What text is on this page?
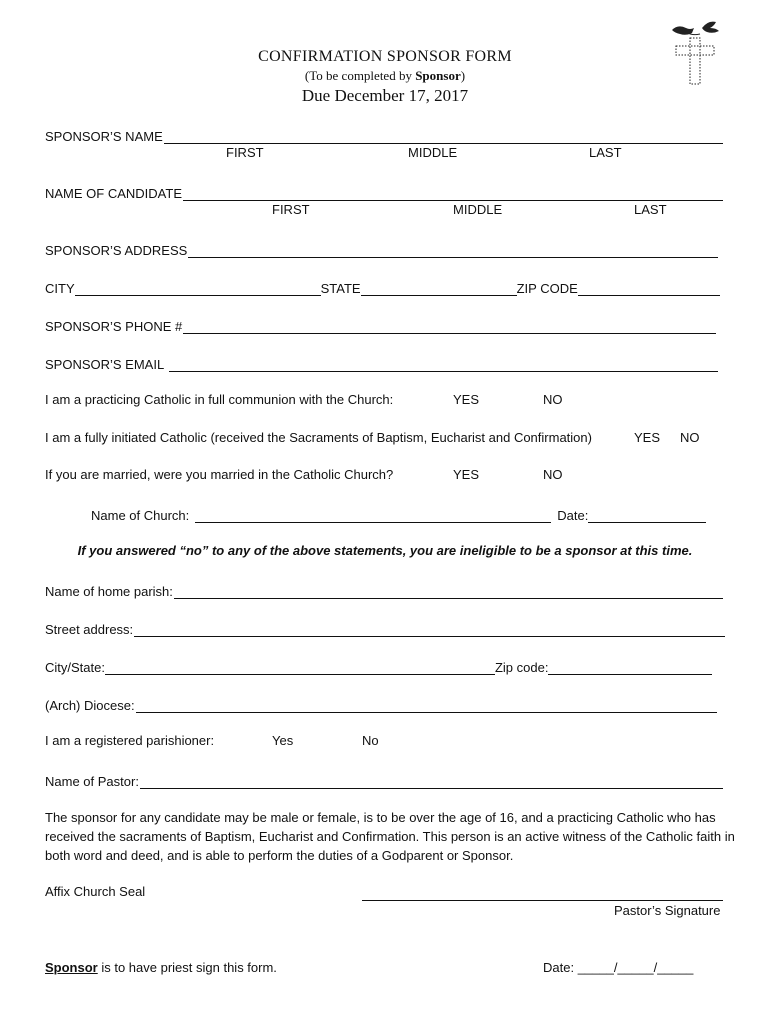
CONFIRMATION SPONSOR FORM
(To be completed by Sponsor)
Due December 17, 2017
SPONSOR’S NAME
FIRST	MIDDLE	LAST
NAME OF CANDIDATE
FIRST	MIDDLE	LAST
SPONSOR’S ADDRESS
CITY	STATE	ZIP CODE
SPONSOR’S PHONE #
SPONSOR’S EMAIL
I am a practicing Catholic in full communion with the Church:	YES	NO
I am a fully initiated Catholic (received the Sacraments of Baptism, Eucharist and Confirmation)	YES NO
If you are married, were you married in the Catholic Church?	YES	NO
Name of Church:	Date:
If you answered “no” to any of the above statements, you are ineligible to be a sponsor at this time.
Name of home parish:
Street address:
City/State:	Zip code:
(Arch) Diocese:
I am a registered parishioner:	Yes	No
Name of Pastor:
The sponsor for any candidate may be male or female, is to be over the age of 16, and a practicing Catholic who has received the sacraments of Baptism, Eucharist and Confirmation. This person is an active witness of the Catholic faith in both word and deed, and is able to perform the duties of a Godparent or Sponsor.
Affix Church Seal
Pastor’s Signature
Sponsor is to have priest sign this form.	Date: _____/_____/_____
